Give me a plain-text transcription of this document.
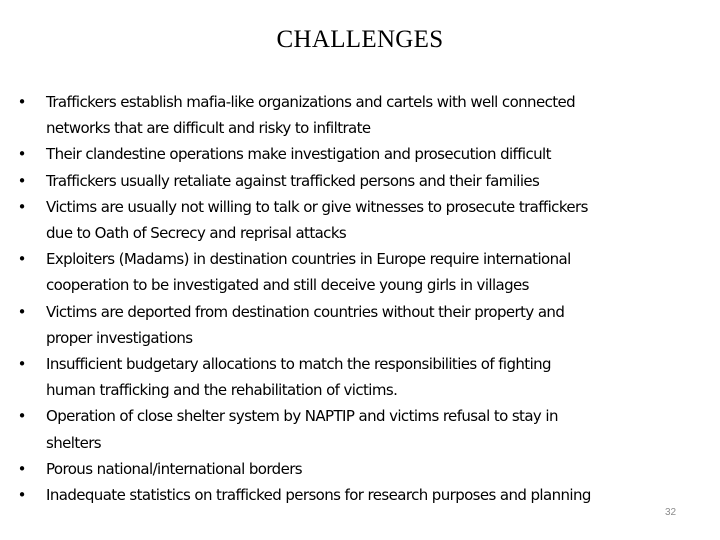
CHALLENGES
• Traffickers establish mafia-like organizations and cartels with well connected
networks that are difficult and risky to infiltrate
• Their clandestine operations make investigation and prosecution difficult
• Traffickers usually retaliate against trafficked persons and their families
• Victims are usually not willing to talk or give witnesses to prosecute traffickers
due to Oath of Secrecy and reprisal attacks
• Exploiters (Madams) in destination countries in Europe require international
cooperation to be investigated and still deceive young girls in villages
• Victims are deported from destination countries without their property and
proper investigations
• Insufficient budgetary allocations to match the responsibilities of fighting
human trafficking and the rehabilitation of victims.
• Operation of close shelter system by NAPTIP and victims refusal to stay in
shelters
• Porous national/international borders
• Inadequate statistics on trafficked persons for research purposes and planning
32
